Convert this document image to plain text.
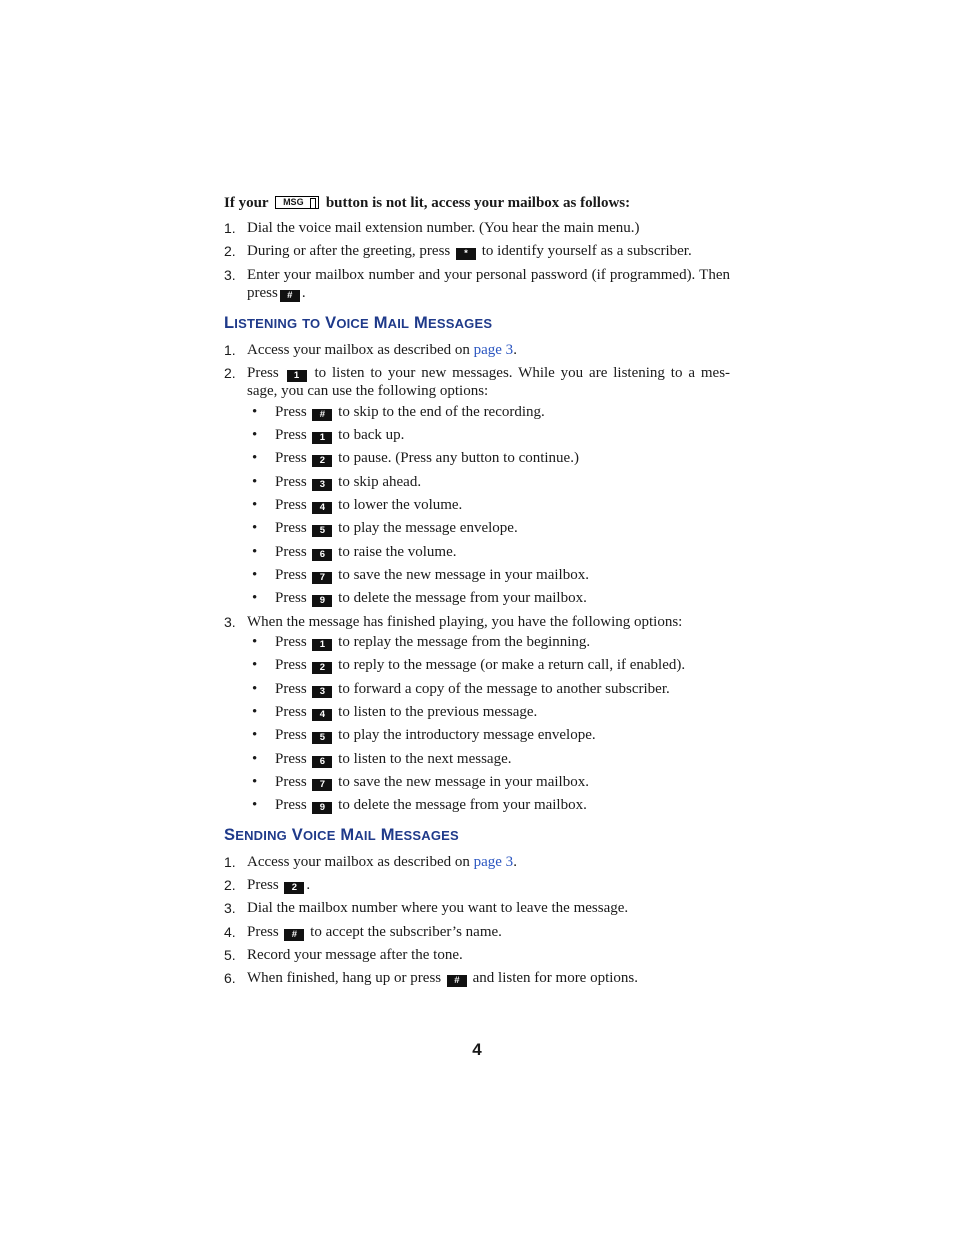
If your MSG button is not lit, access your mailbox as follows:

1. Dial the voice mail extension number. (You hear the main menu.)
2. During or after the greeting, press * to identify yourself as a subscriber.
3. Enter your mailbox number and your personal password (if programmed). Then press # .
LISTENING TO VOICE MAIL MESSAGES
1. Access your mailbox as described on page 3.
2. Press 1 to listen to your new messages. While you are listening to a mes-sage, you can use the following options:
• Press # to skip to the end of the recording.
• Press 1 to back up.
• Press 2 to pause. (Press any button to continue.)
• Press 3 to skip ahead.
• Press 4 to lower the volume.
• Press 5 to play the message envelope.
• Press 6 to raise the volume.
• Press 7 to save the new message in your mailbox.
• Press 9 to delete the message from your mailbox.
3. When the message has finished playing, you have the following options:
• Press 1 to replay the message from the beginning.
• Press 2 to reply to the message (or make a return call, if enabled).
• Press 3 to forward a copy of the message to another subscriber.
• Press 4 to listen to the previous message.
• Press 5 to play the introductory message envelope.
• Press 6 to listen to the next message.
• Press 7 to save the new message in your mailbox.
• Press 9 to delete the message from your mailbox.
SENDING VOICE MAIL MESSAGES
1. Access your mailbox as described on page 3.
2. Press 2 .
3. Dial the mailbox number where you want to leave the message.
4. Press # to accept the subscriber’s name.
5. Record your message after the tone.
6. When finished, hang up or press # and listen for more options.
4
